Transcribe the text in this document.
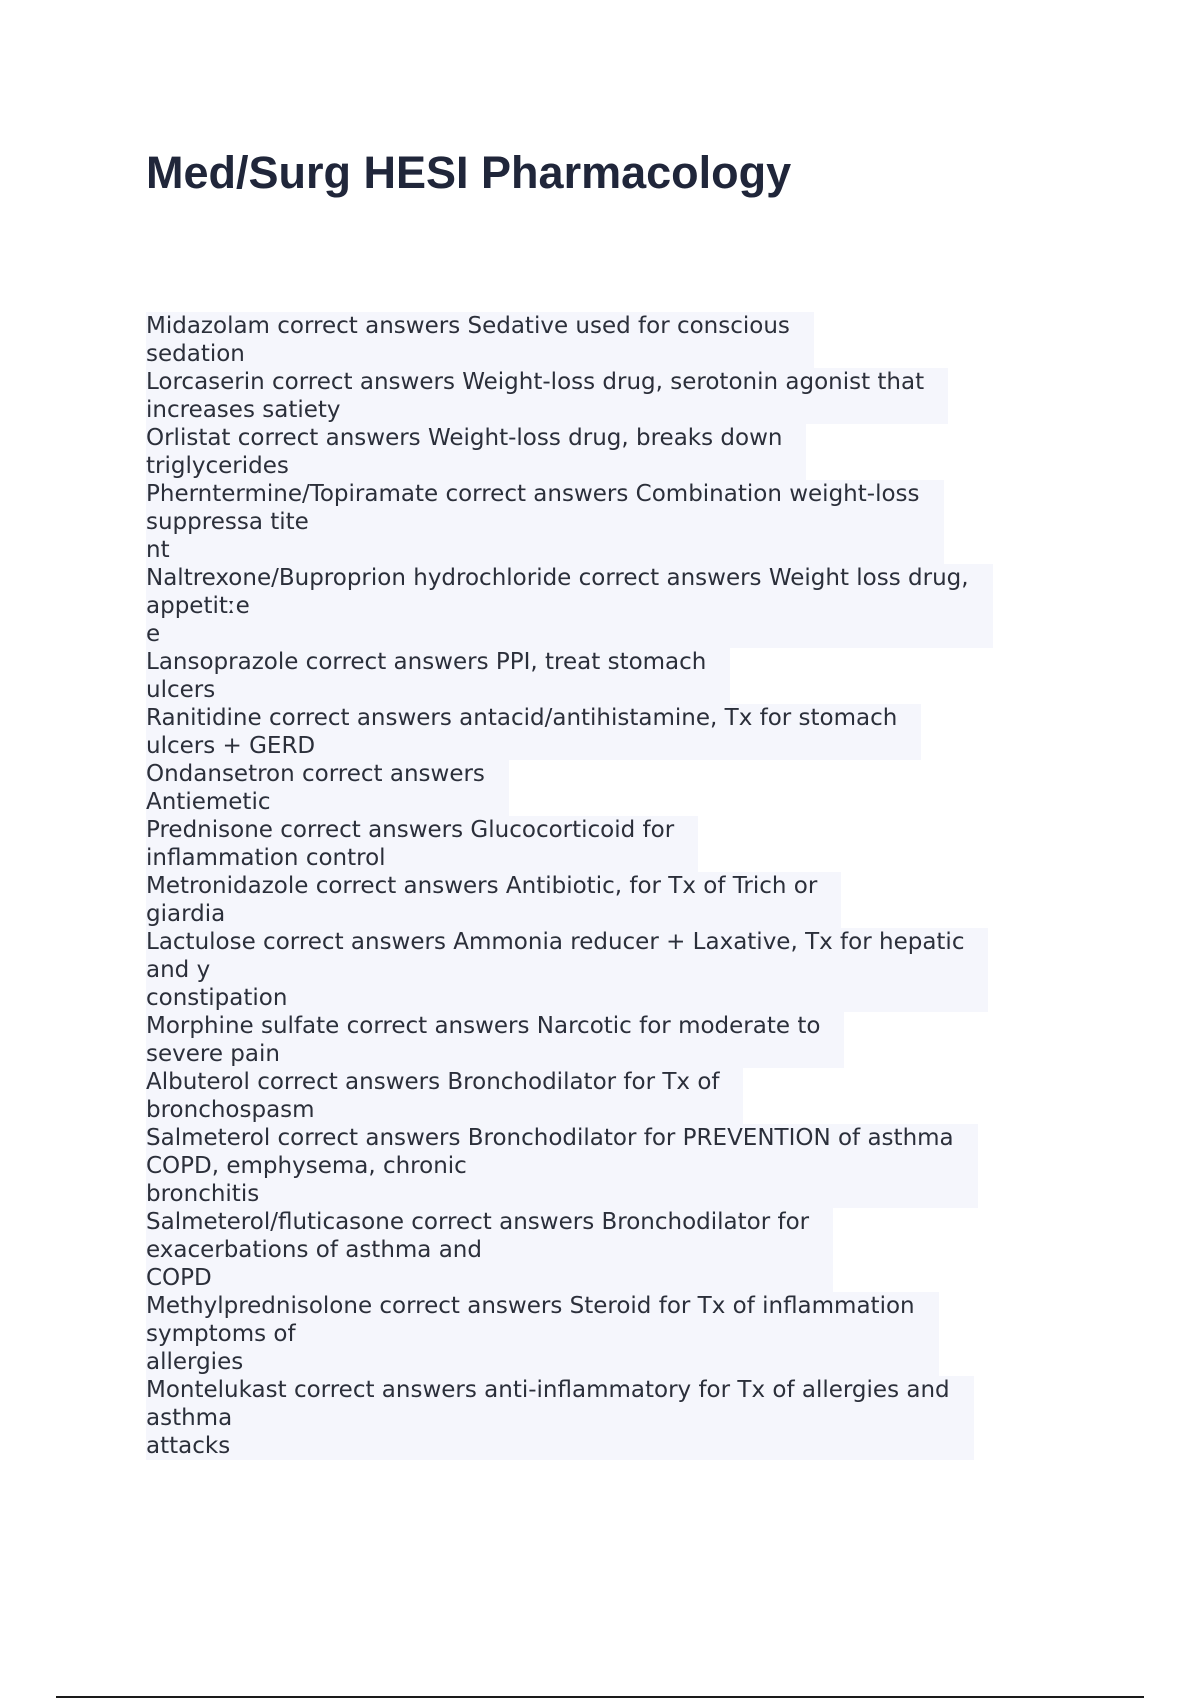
Med/Surg HESI Pharmacology
Midazolam correct answers Sedative used for conscious
sedation
Lorcaserin correct answers Weight-loss drug, serotonin agonist that
increases satiety
Orlistat correct answers Weight-loss drug, breaks down
triglycerides
Pherntermine/Topiramate correct answers Combination weight-loss
suppressa tite
nt
Naltrexone/Buproprion hydrochloride correct answers Weight loss drug,
appetitːe
e
Lansoprazole correct answers PPI, treat stomach
ulcers
Ranitidine correct answers antacid/antihistamine, Tx for stomach
ulcers + GERD
Ondansetron correct answers
Antiemetic
Prednisone correct answers Glucocorticoid for
inflammation control
Metronidazole correct answers Antibiotic, for Tx of Trich or
giardia
Lactulose correct answers Ammonia reducer + Laxative, Tx for hepatic
and y
constipation
Morphine sulfate correct answers Narcotic for moderate to
severe pain
Albuterol correct answers Bronchodilator for Tx of
bronchospasm
Salmeterol correct answers Bronchodilator for PREVENTION of asthma
COPD, emphysema, chronic
bronchitis
Salmeterol/fluticasone correct answers Bronchodilator for
exacerbations of asthma and
COPD
Methylprednisolone correct answers Steroid for Tx of inflammation
symptoms of
allergies
Montelukast correct answers anti-inflammatory for Tx of allergies and
asthma
attacks
